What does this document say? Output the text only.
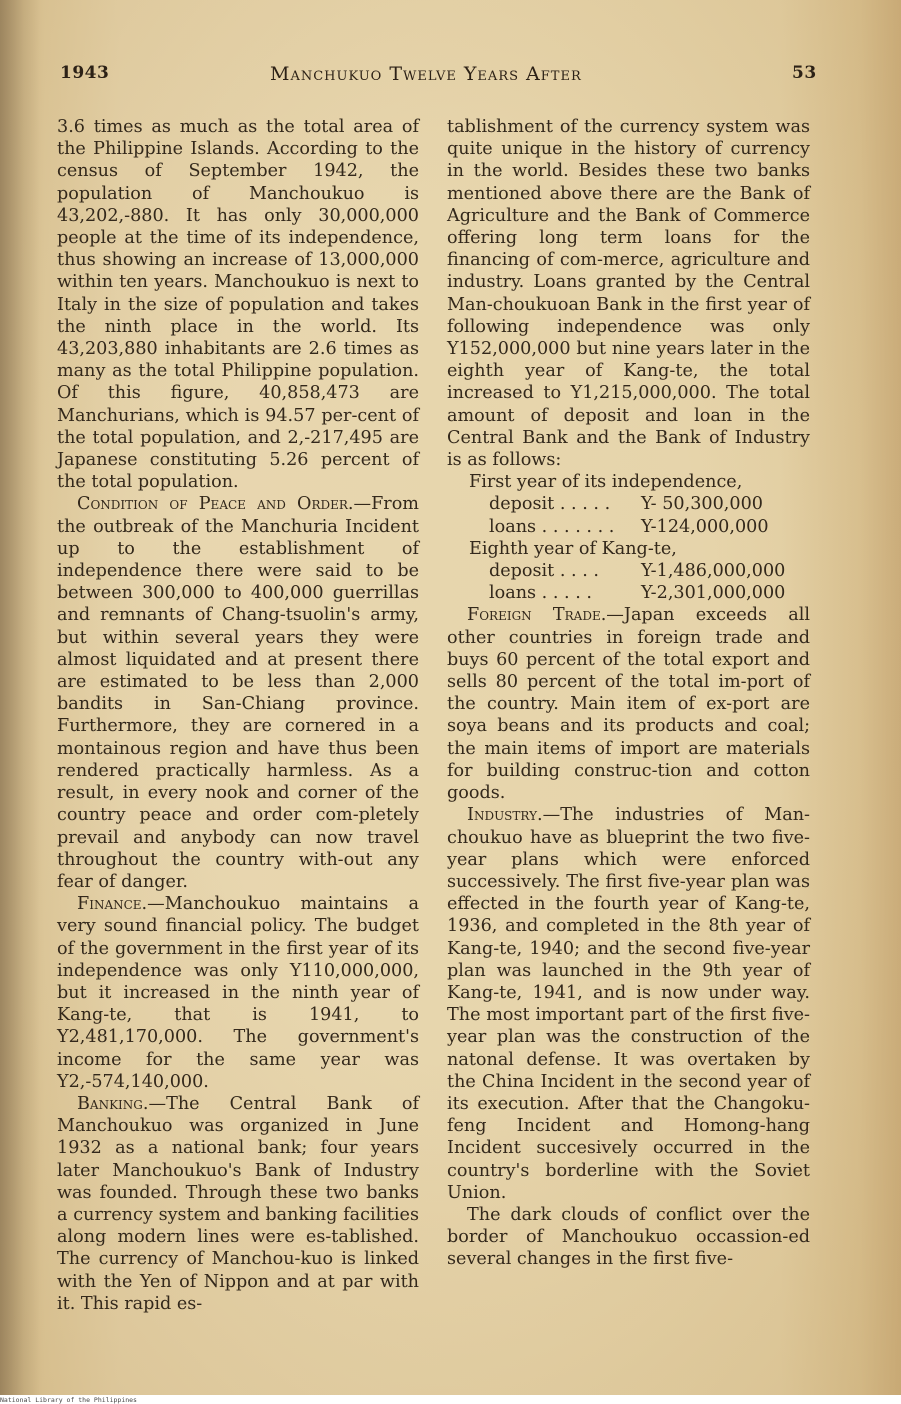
1943	Manchukuo Twelve Years After	53

3.6 times as much as the total area of the Philippine Islands. According to the census of September 1942, the population of Manchoukuo is 43,202,-880. It has only 30,000,000 people at the time of its independence, thus showing an increase of 13,000,000 within ten years. Manchoukuo is next to Italy in the size of population and takes the ninth place in the world. Its 43,203,880 inhabitants are 2.6 times as many as the total Philippine population. Of this figure, 40,858,473 are Manchurians, which is 94.57 per-cent of the total population, and 2,-217,495 are Japanese constituting 5.26 percent of the total population.

Condition of Peace and Order.—From the outbreak of the Manchuria Incident up to the establishment of independence there were said to be between 300,000 to 400,000 guerrillas and remnants of Chang-tsuolin's army, but within several years they were almost liquidated and at present there are estimated to be less than 2,000 bandits in San-Chiang province. Furthermore, they are cornered in a montainous region and have thus been rendered practically harmless. As a result, in every nook and corner of the country peace and order com-pletely prevail and anybody can now travel throughout the country with-out any fear of danger.

Finance.—Manchoukuo maintains a very sound financial policy. The budget of the government in the first year of its independence was only Y110,000,000, but it increased in the ninth year of Kang-te, that is 1941, to Y2,481,170,000. The government's income for the same year was Y2,-574,140,000.

Banking.—The Central Bank of Manchoukuo was organized in June 1932 as a national bank; four years later Manchoukuo's Bank of Industry was founded. Through these two banks a currency system and banking facilities along modern lines were es-tablished. The currency of Manchou-kuo is linked with the Yen of Nippon and at par with it. This rapid es-

tablishment of the currency system was quite unique in the history of currency in the world. Besides these two banks mentioned above there are the Bank of Agriculture and the Bank of Commerce offering long term loans for the financing of com-merce, agriculture and industry. Loans granted by the Central Man-choukuoan Bank in the first year of following independence was only Y152,000,000 but nine years later in the eighth year of Kang-te, the total increased to Y1,215,000,000. The total amount of deposit and loan in the Central Bank and the Bank of Industry is as follows:

First year of its independence,
deposit . . . . .	Y- 50,300,000
loans . . . . . . .	Y-124,000,000
Eighth year of Kang-te,
deposit . . . .	Y-1,486,000,000
loans . . . . .	Y-2,301,000,000

Foreign Trade.—Japan exceeds all other countries in foreign trade and buys 60 percent of the total export and sells 80 percent of the total im-port of the country. Main item of ex-port are soya beans and its products and coal; the main items of import are materials for building construc-tion and cotton goods.

Industry.—The industries of Man-choukuo have as blueprint the two five-year plans which were enforced successively. The first five-year plan was effected in the fourth year of Kang-te, 1936, and completed in the 8th year of Kang-te, 1940; and the second five-year plan was launched in the 9th year of Kang-te, 1941, and is now under way. The most important part of the first five-year plan was the construction of the natonal defense. It was overtaken by the China Incident in the second year of its execution. After that the Changoku-feng Incident and Homong-hang Incident succesively occurred in the country's borderline with the Soviet Union.

The dark clouds of conflict over the border of Manchoukuo occassion-ed several changes in the first five-

National Library of the Philippines
